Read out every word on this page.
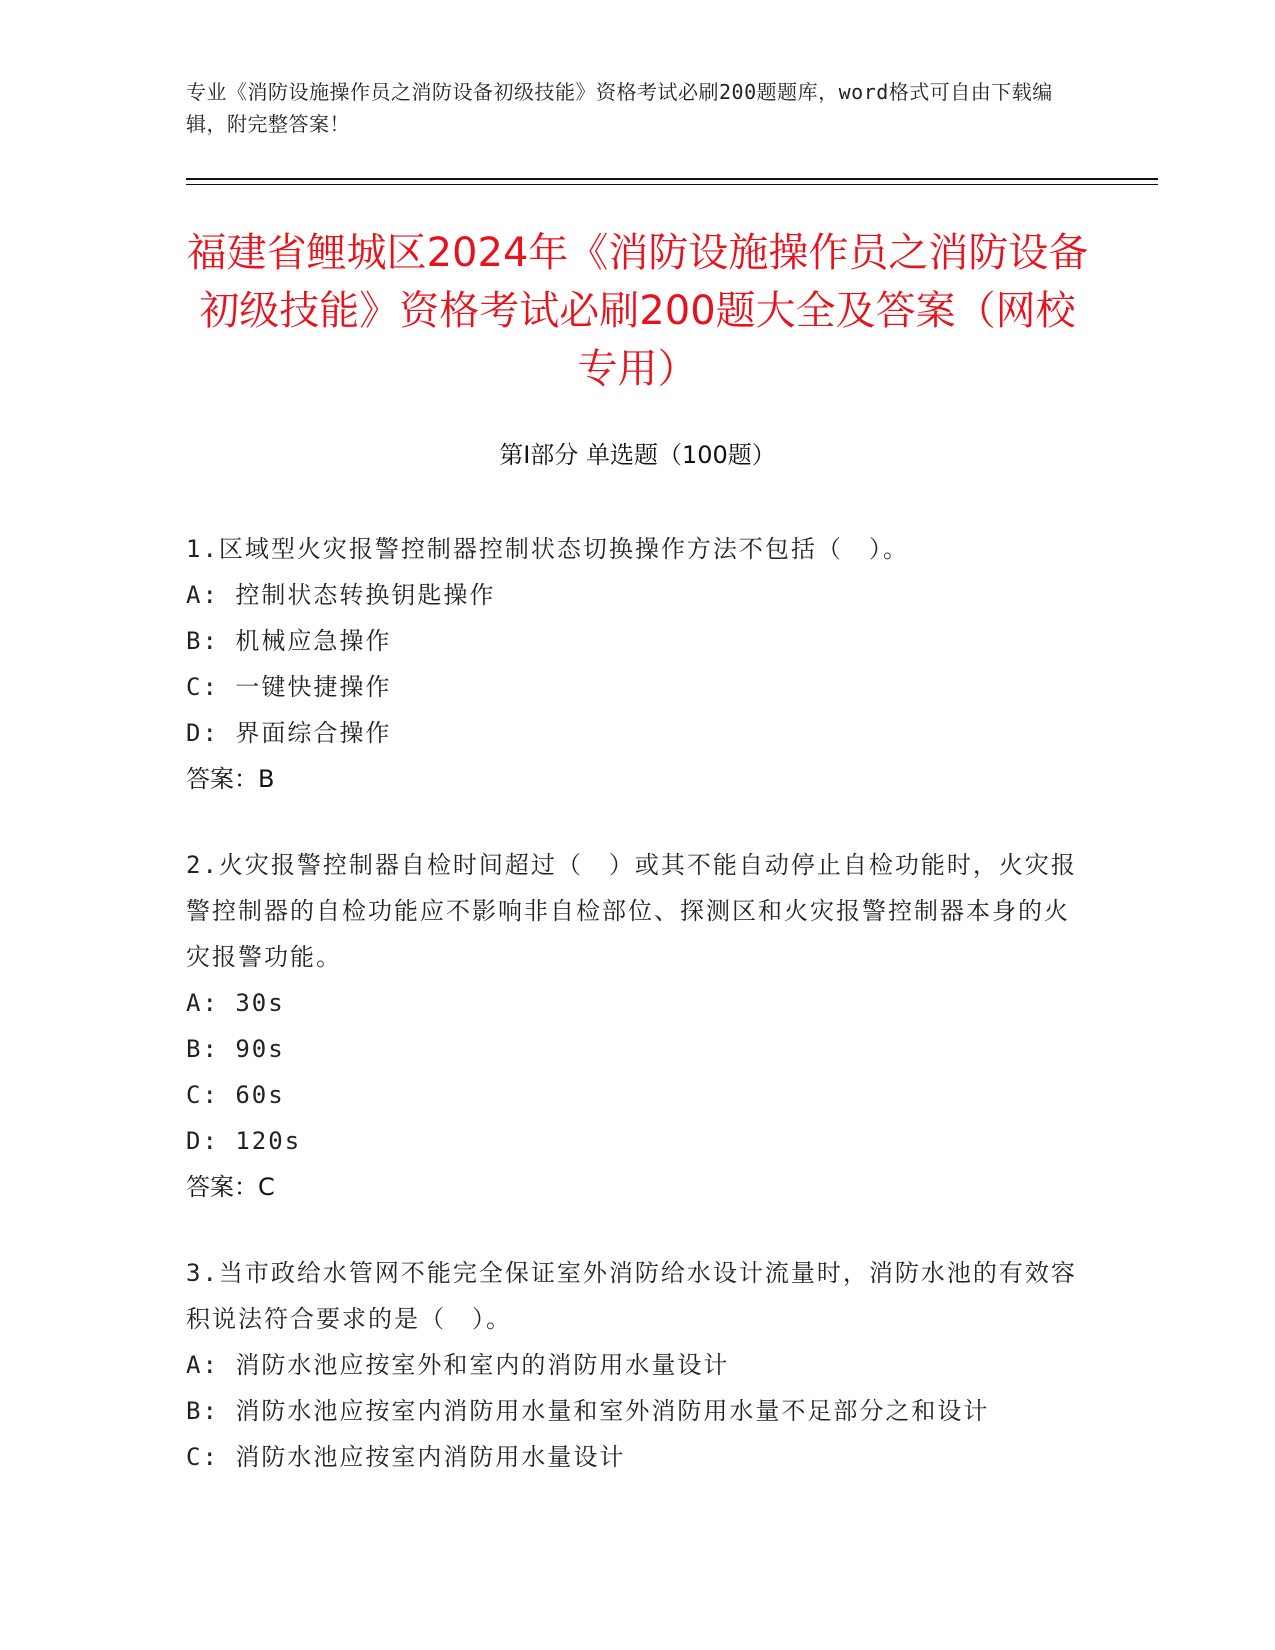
专业《消防设施操作员之消防设备初级技能》资格考试必刷200题题库，word格式可自由下载编辑，附完整答案！
福建省鲤城区2024年《消防设施操作员之消防设备初级技能》资格考试必刷200题大全及答案（网校专用）
第I部分 单选题（100题）
1.区域型火灾报警控制器控制状态切换操作方法不包括（　）。
A: 控制状态转换钥匙操作
B: 机械应急操作
C: 一键快捷操作
D: 界面综合操作
答案：B
2.火灾报警控制器自检时间超过（　）或其不能自动停止自检功能时，火灾报警控制器的自检功能应不影响非自检部位、探测区和火灾报警控制器本身的火灾报警功能。
A: 30s
B: 90s
C: 60s
D: 120s
答案：C
3.当市政给水管网不能完全保证室外消防给水设计流量时，消防水池的有效容积说法符合要求的是（　）。
A: 消防水池应按室外和室内的消防用水量设计
B: 消防水池应按室内消防用水量和室外消防用水量不足部分之和设计
C: 消防水池应按室内消防用水量设计
